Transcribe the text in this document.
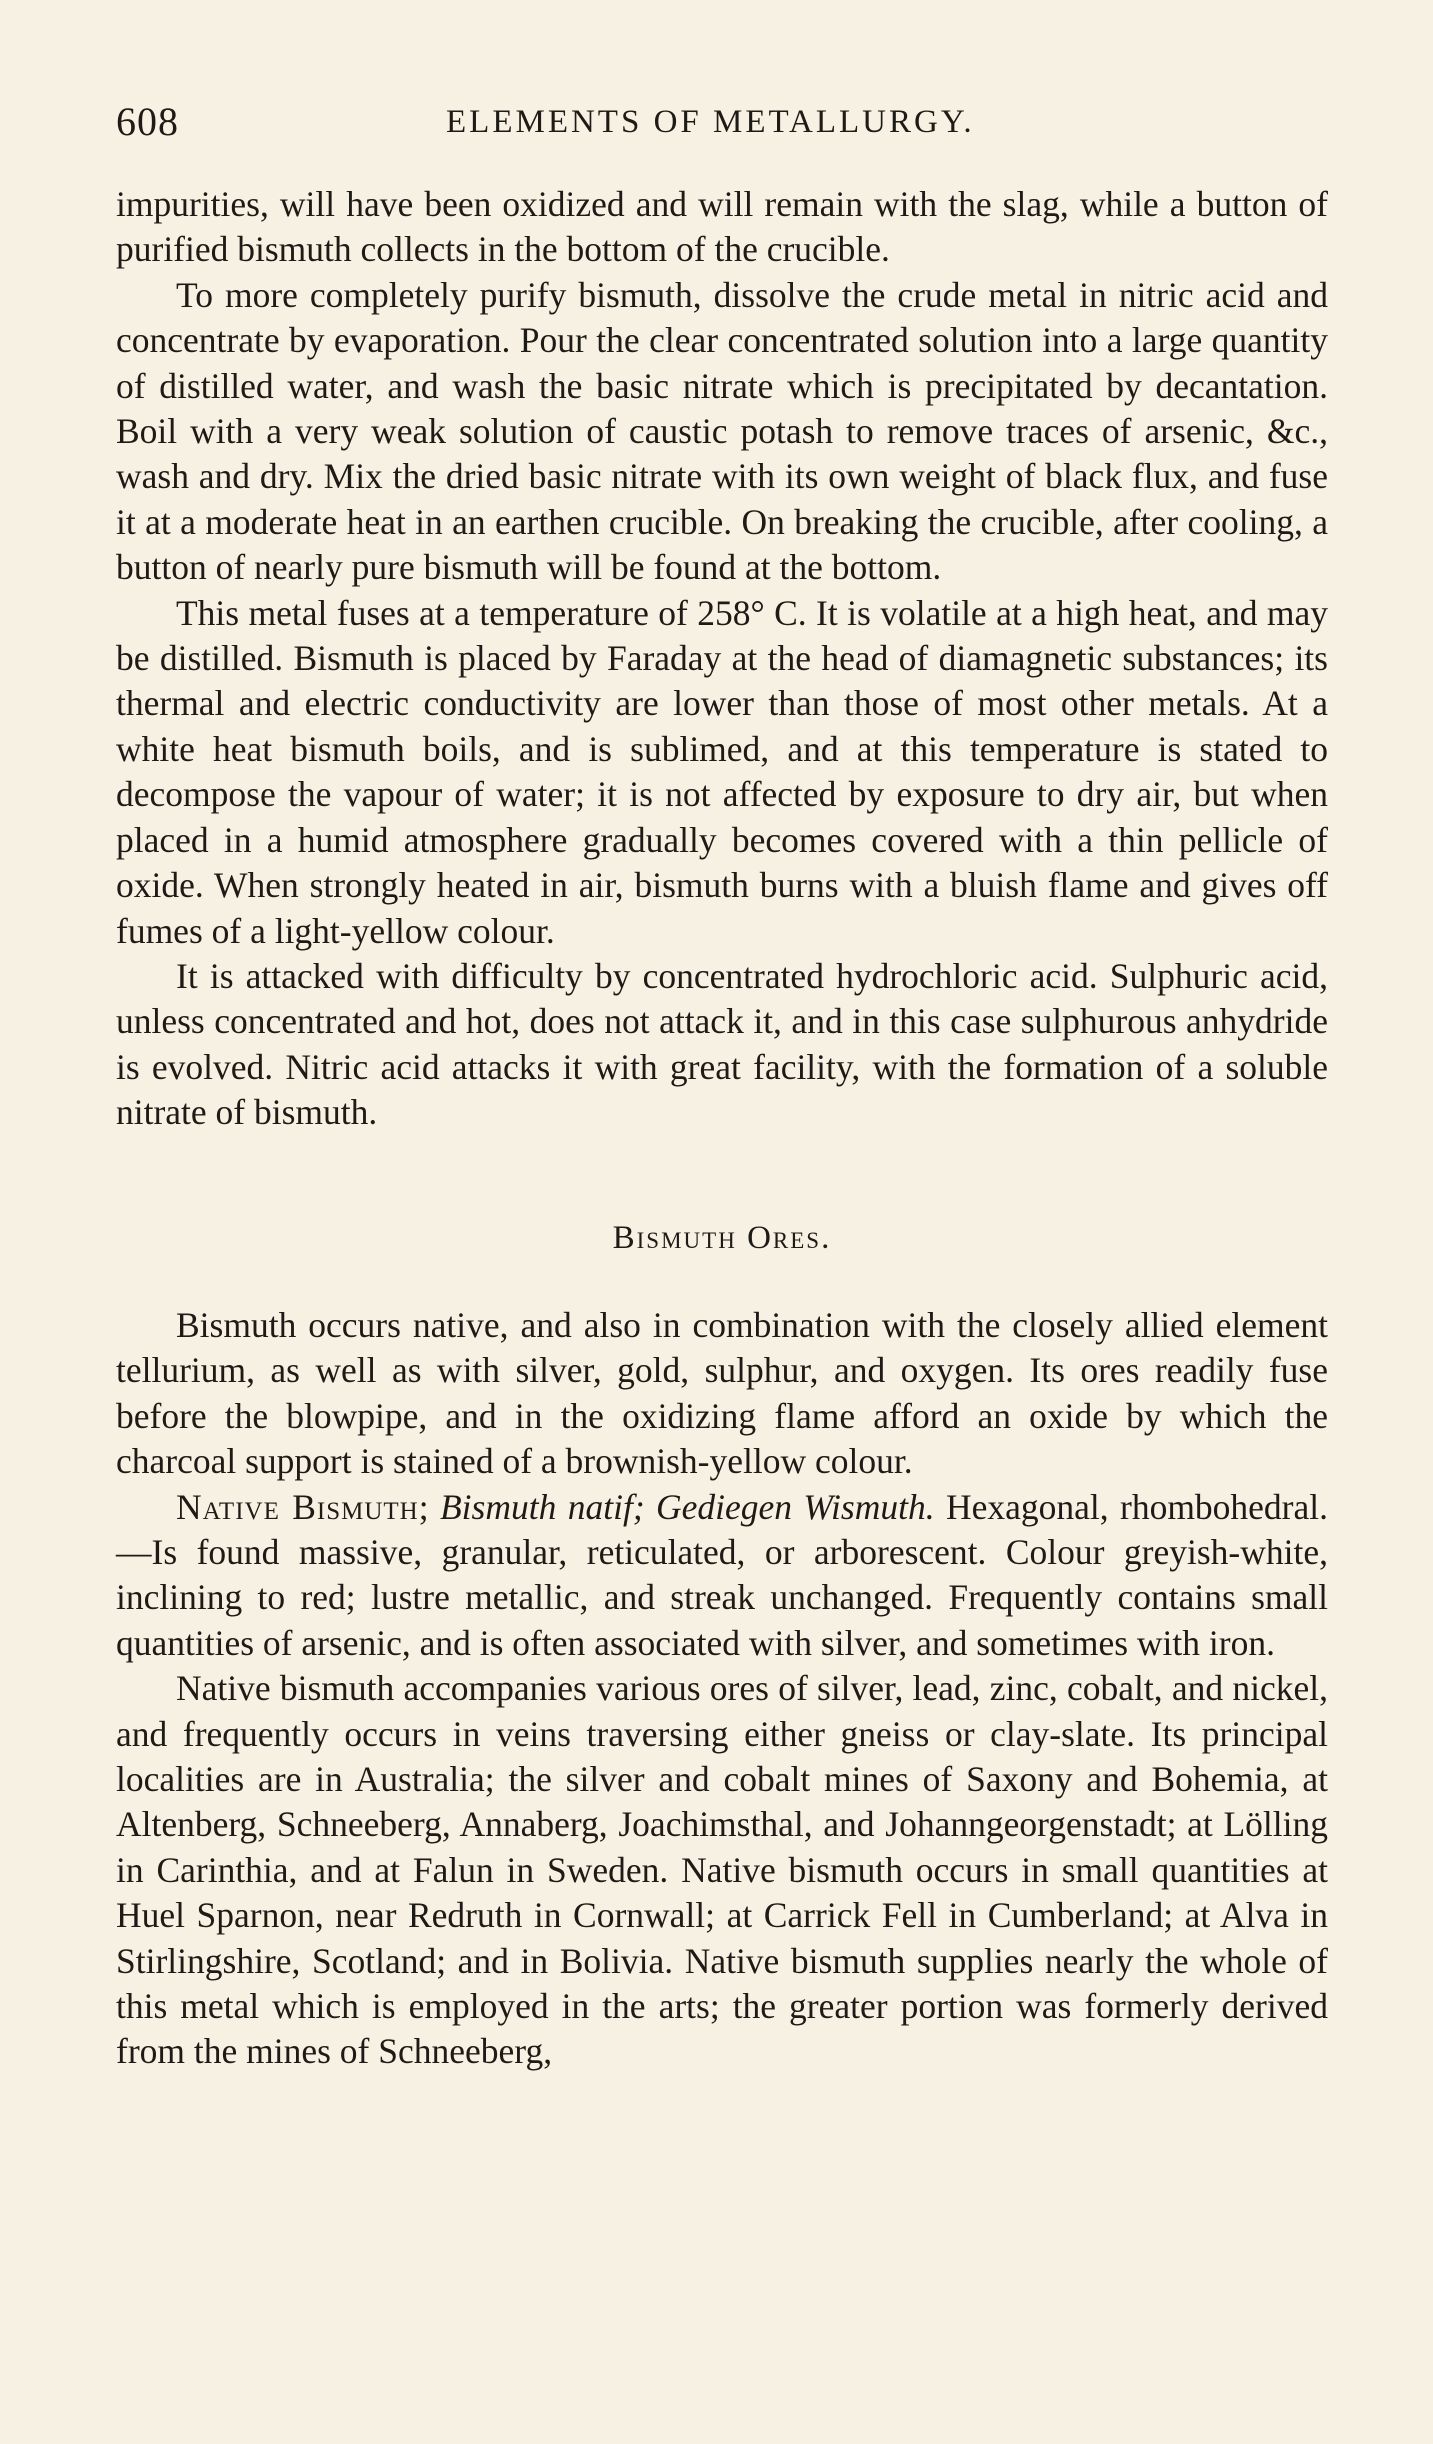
608	ELEMENTS OF METALLURGY.

impurities, will have been oxidized and will remain with the slag, while a button of purified bismuth collects in the bottom of the crucible.

To more completely purify bismuth, dissolve the crude metal in nitric acid and concentrate by evaporation. Pour the clear concentrated solution into a large quantity of distilled water, and wash the basic nitrate which is precipitated by decantation. Boil with a very weak solution of caustic potash to remove traces of arsenic, &c., wash and dry. Mix the dried basic nitrate with its own weight of black flux, and fuse it at a moderate heat in an earthen crucible. On breaking the crucible, after cooling, a button of nearly pure bismuth will be found at the bottom.

This metal fuses at a temperature of 258° C. It is volatile at a high heat, and may be distilled. Bismuth is placed by Faraday at the head of diamagnetic substances; its thermal and electric conductivity are lower than those of most other metals. At a white heat bismuth boils, and is sublimed, and at this temperature is stated to decompose the vapour of water; it is not affected by exposure to dry air, but when placed in a humid atmosphere gradually becomes covered with a thin pellicle of oxide. When strongly heated in air, bismuth burns with a bluish flame and gives off fumes of a light-yellow colour.

It is attacked with difficulty by concentrated hydrochloric acid. Sulphuric acid, unless concentrated and hot, does not attack it, and in this case sulphurous anhydride is evolved. Nitric acid attacks it with great facility, with the formation of a soluble nitrate of bismuth.

Bismuth Ores.

Bismuth occurs native, and also in combination with the closely allied element tellurium, as well as with silver, gold, sulphur, and oxygen. Its ores readily fuse before the blowpipe, and in the oxidizing flame afford an oxide by which the charcoal support is stained of a brownish-yellow colour.

Native Bismuth; Bismuth natif; Gediegen Wismuth. Hexagonal, rhombohedral.—Is found massive, granular, reticulated, or arborescent. Colour greyish-white, inclining to red; lustre metallic, and streak unchanged. Frequently contains small quantities of arsenic, and is often associated with silver, and sometimes with iron.

Native bismuth accompanies various ores of silver, lead, zinc, cobalt, and nickel, and frequently occurs in veins traversing either gneiss or clay-slate. Its principal localities are in Australia; the silver and cobalt mines of Saxony and Bohemia, at Altenberg, Schneeberg, Annaberg, Joachimsthal, and Johanngeorgenstadt; at Lölling in Carinthia, and at Falun in Sweden. Native bismuth occurs in small quantities at Huel Sparnon, near Redruth in Cornwall; at Carrick Fell in Cumberland; at Alva in Stirlingshire, Scotland; and in Bolivia. Native bismuth supplies nearly the whole of this metal which is employed in the arts; the greater portion was formerly derived from the mines of Schneeberg,
